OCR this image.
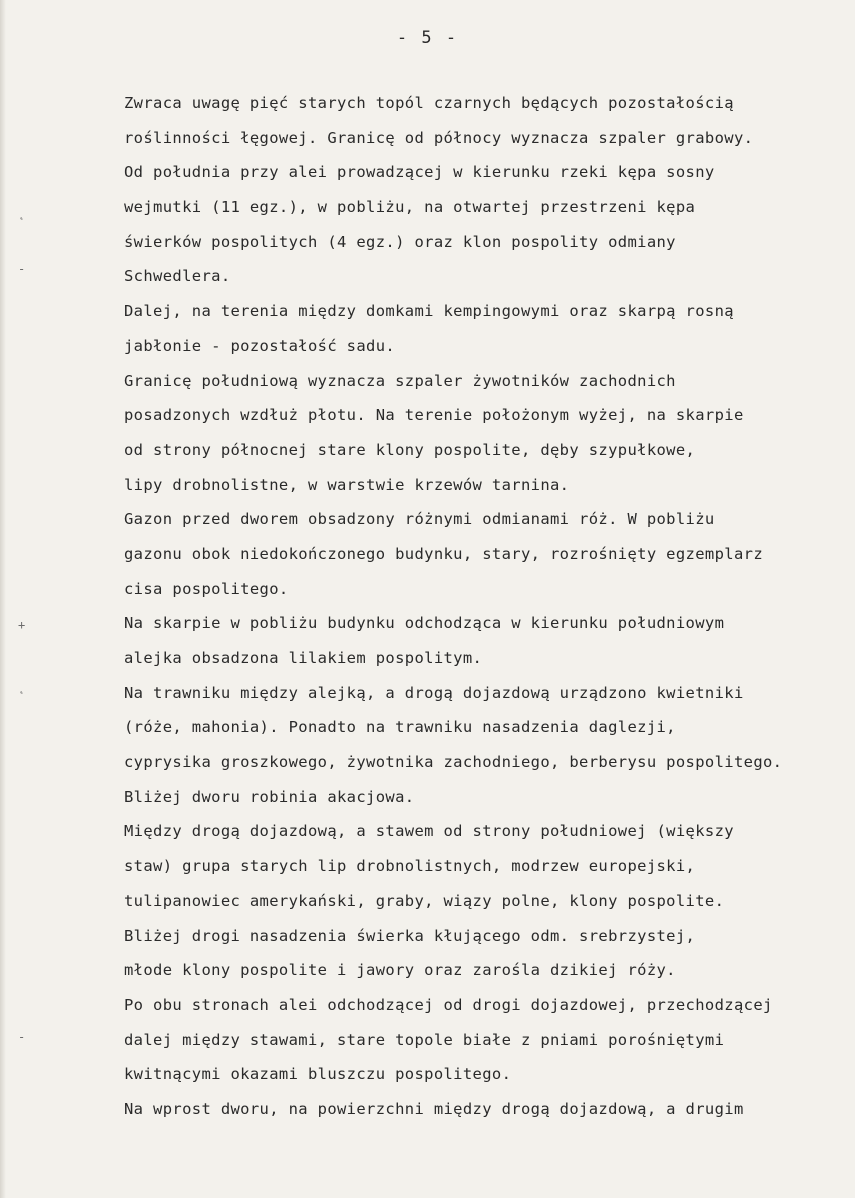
˛
-
+
˛
-
- 5 -
Zwraca uwagę pięć starych topól czarnych będących pozostałością
roślinności łęgowej. Granicę od północy wyznacza szpaler grabowy.
Od południa przy alei prowadzącej w kierunku rzeki kępa sosny
wejmutki (11 egz.), w pobliżu, na otwartej przestrzeni kępa
świerków pospolitych (4 egz.) oraz klon pospolity odmiany
Schwedlera.
Dalej, na terenia między domkami kempingowymi oraz skarpą rosną
jabłonie - pozostałość sadu.
Granicę południową wyznacza szpaler żywotników zachodnich
posadzonych wzdłuż płotu. Na terenie położonym wyżej, na skarpie
od strony północnej stare klony pospolite, dęby szypułkowe,
lipy drobnolistne, w warstwie krzewów tarnina.
Gazon przed dworem obsadzony różnymi odmianami róż. W pobliżu
gazonu obok niedokończonego budynku, stary, rozrośnięty egzemplarz
cisa pospolitego.
Na skarpie w pobliżu budynku odchodząca w kierunku południowym
alejka obsadzona lilakiem pospolitym.
Na trawniku między alejką, a drogą dojazdową urządzono kwietniki
(róże, mahonia). Ponadto na trawniku nasadzenia daglezji,
cyprysika groszkowego, żywotnika zachodniego, berberysu pospolitego.
Bliżej dworu robinia akacjowa.
Między drogą dojazdową, a stawem od strony południowej (większy
staw) grupa starych lip drobnolistnych, modrzew europejski,
tulipanowiec amerykański, graby, wiązy polne, klony pospolite.
Bliżej drogi nasadzenia świerka kłującego odm. srebrzystej,
młode klony pospolite i jawory oraz zarośla dzikiej róży.
Po obu stronach alei odchodzącej od drogi dojazdowej, przechodzącej
dalej między stawami, stare topole białe z pniami porośniętymi
kwitnącymi okazami bluszczu pospolitego.
Na wprost dworu, na powierzchni między drogą dojazdową, a drugim
